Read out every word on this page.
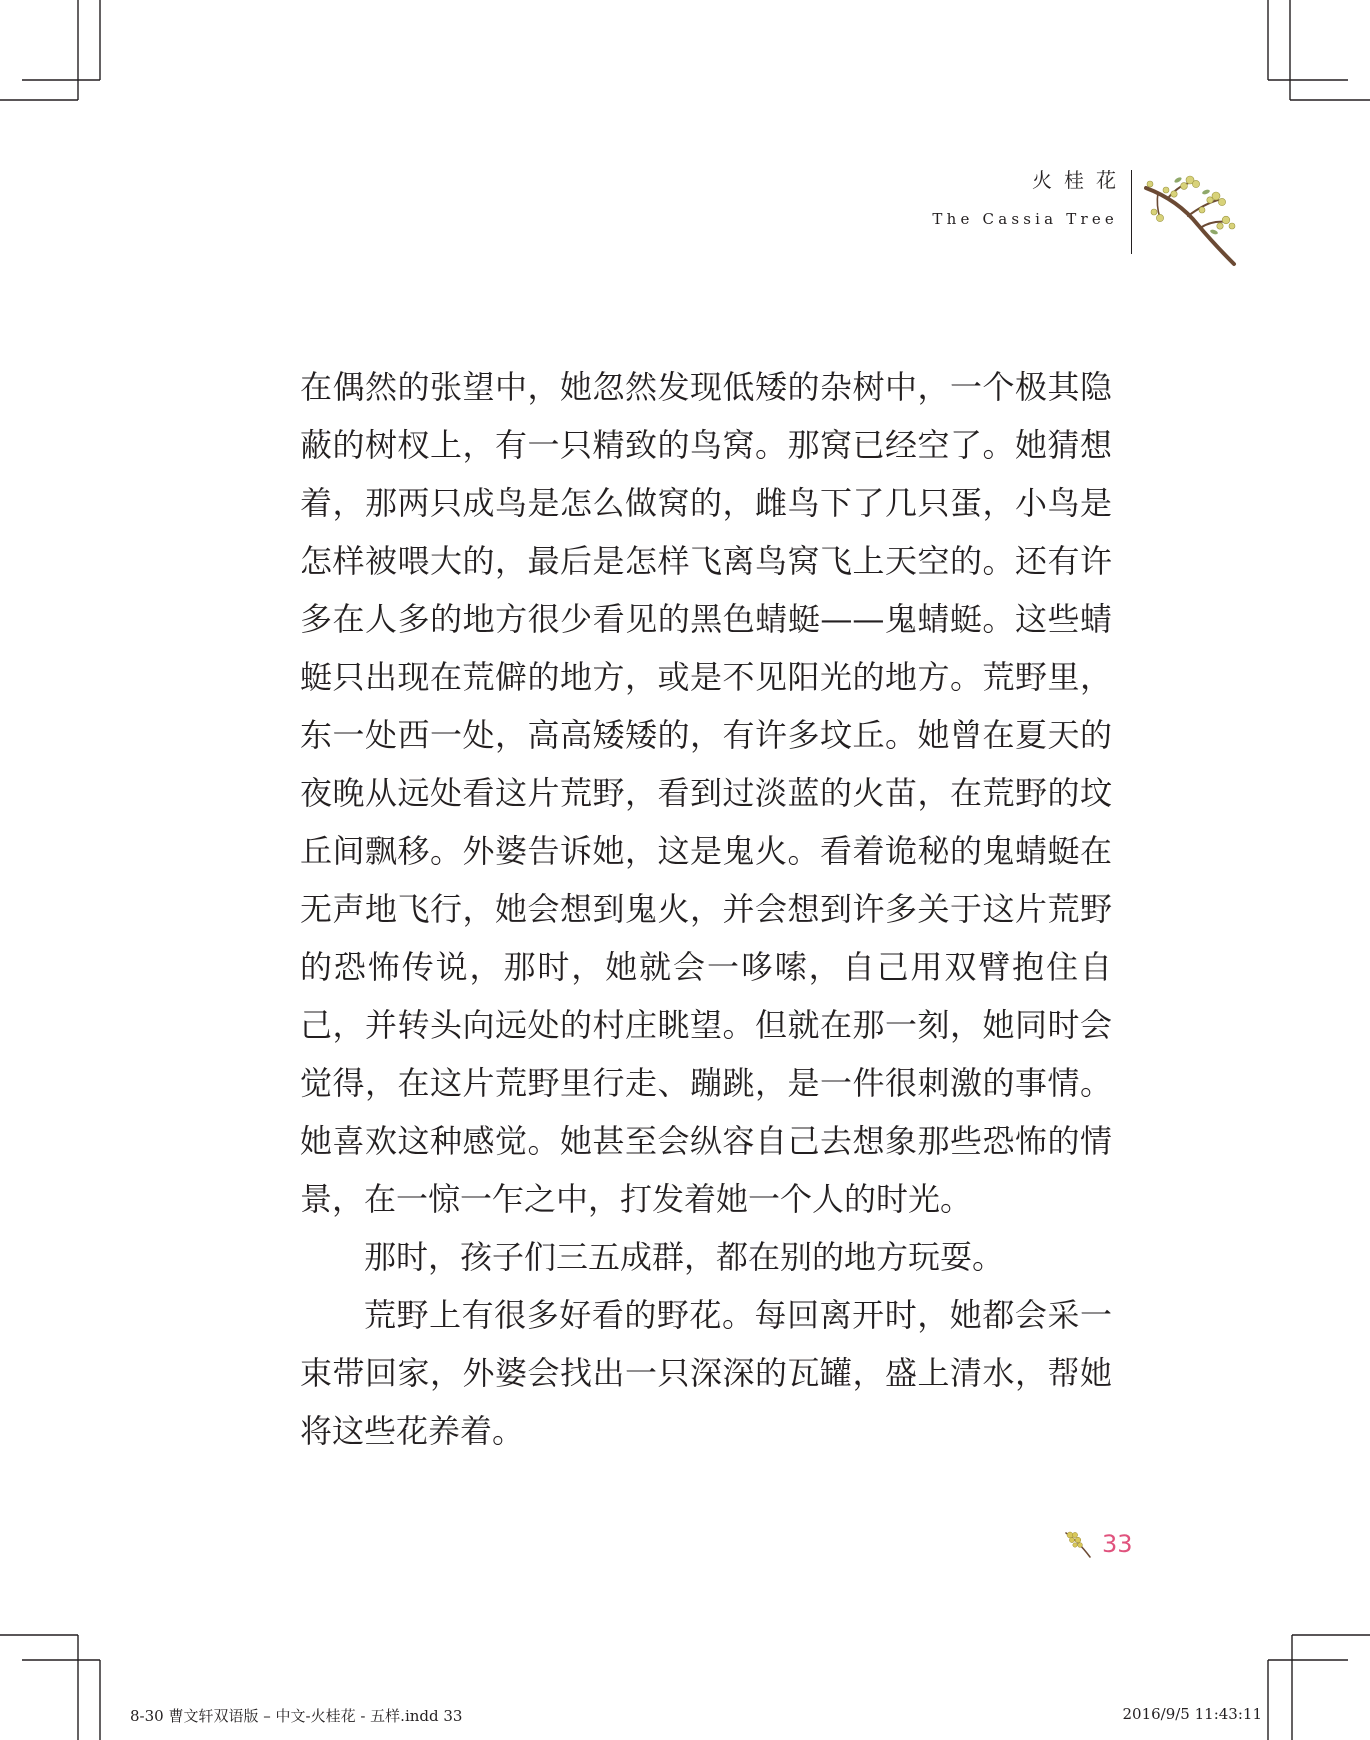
火桂花
The Cassia Tree

在偶然的张望中，她忽然发现低矮的杂树中，一个极其隐蔽的树杈上，有一只精致的鸟窝。那窝已经空了。她猜想着，那两只成鸟是怎么做窝的，雌鸟下了几只蛋，小鸟是怎样被喂大的，最后是怎样飞离鸟窝飞上天空的。还有许多在人多的地方很少看见的黑色蜻蜓——鬼蜻蜓。这些蜻蜓只出现在荒僻的地方，或是不见阳光的地方。荒野里，东一处西一处，高高矮矮的，有许多坟丘。她曾在夏天的夜晚从远处看这片荒野，看到过淡蓝的火苗，在荒野的坟丘间飘移。外婆告诉她，这是鬼火。看着诡秘的鬼蜻蜓在无声地飞行，她会想到鬼火，并会想到许多关于这片荒野的恐怖传说，那时，她就会一哆嗦，自己用双臂抱住自己，并转头向远处的村庄眺望。但就在那一刻，她同时会觉得，在这片荒野里行走、蹦跳，是一件很刺激的事情。她喜欢这种感觉。她甚至会纵容自己去想象那些恐怖的情景，在一惊一乍之中，打发着她一个人的时光。

那时，孩子们三五成群，都在别的地方玩耍。

荒野上有很多好看的野花。每回离开时，她都会采一束带回家，外婆会找出一只深深的瓦罐，盛上清水，帮她将这些花养着。

33
8-30 曹文轩双语版 – 中文-火桂花 - 五样.indd 33	2016/9/5 11:43:11
